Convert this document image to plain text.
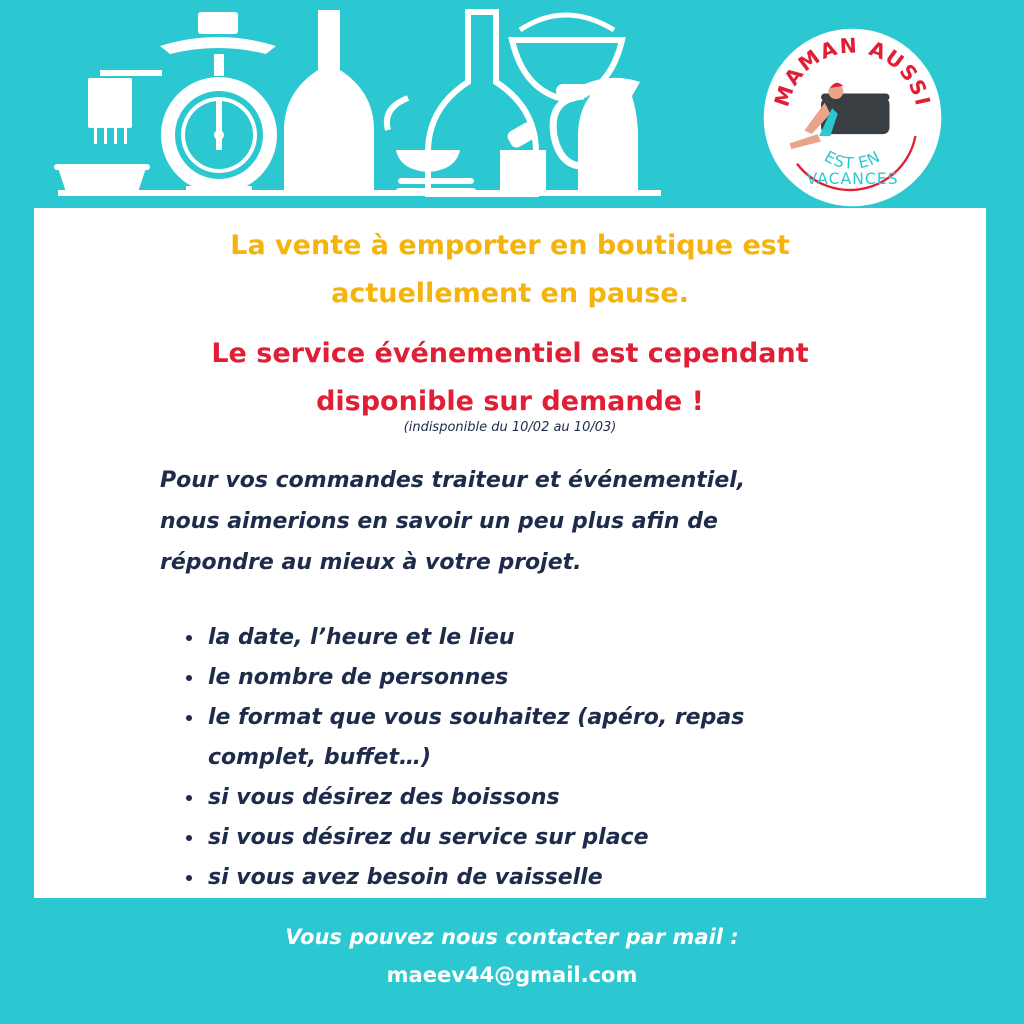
MAMAN AUSSI
EST EN
VACANCES

La vente à emporter en boutique est
actuellement en pause.

Le service événementiel est cependant
disponible sur demande !

(indisponible du 10/02 au 10/03)

Pour vos commandes traiteur et événementiel,
nous aimerions en savoir un peu plus afin de
répondre au mieux à votre projet.

la date, l’heure et le lieu
le nombre de personnes
le format que vous souhaitez (apéro, repas
complet, buffet…)
si vous désirez des boissons
si vous désirez du service sur place
si vous avez besoin de vaisselle
Vous pouvez nous contacter par mail :
maeev44@gmail.com
